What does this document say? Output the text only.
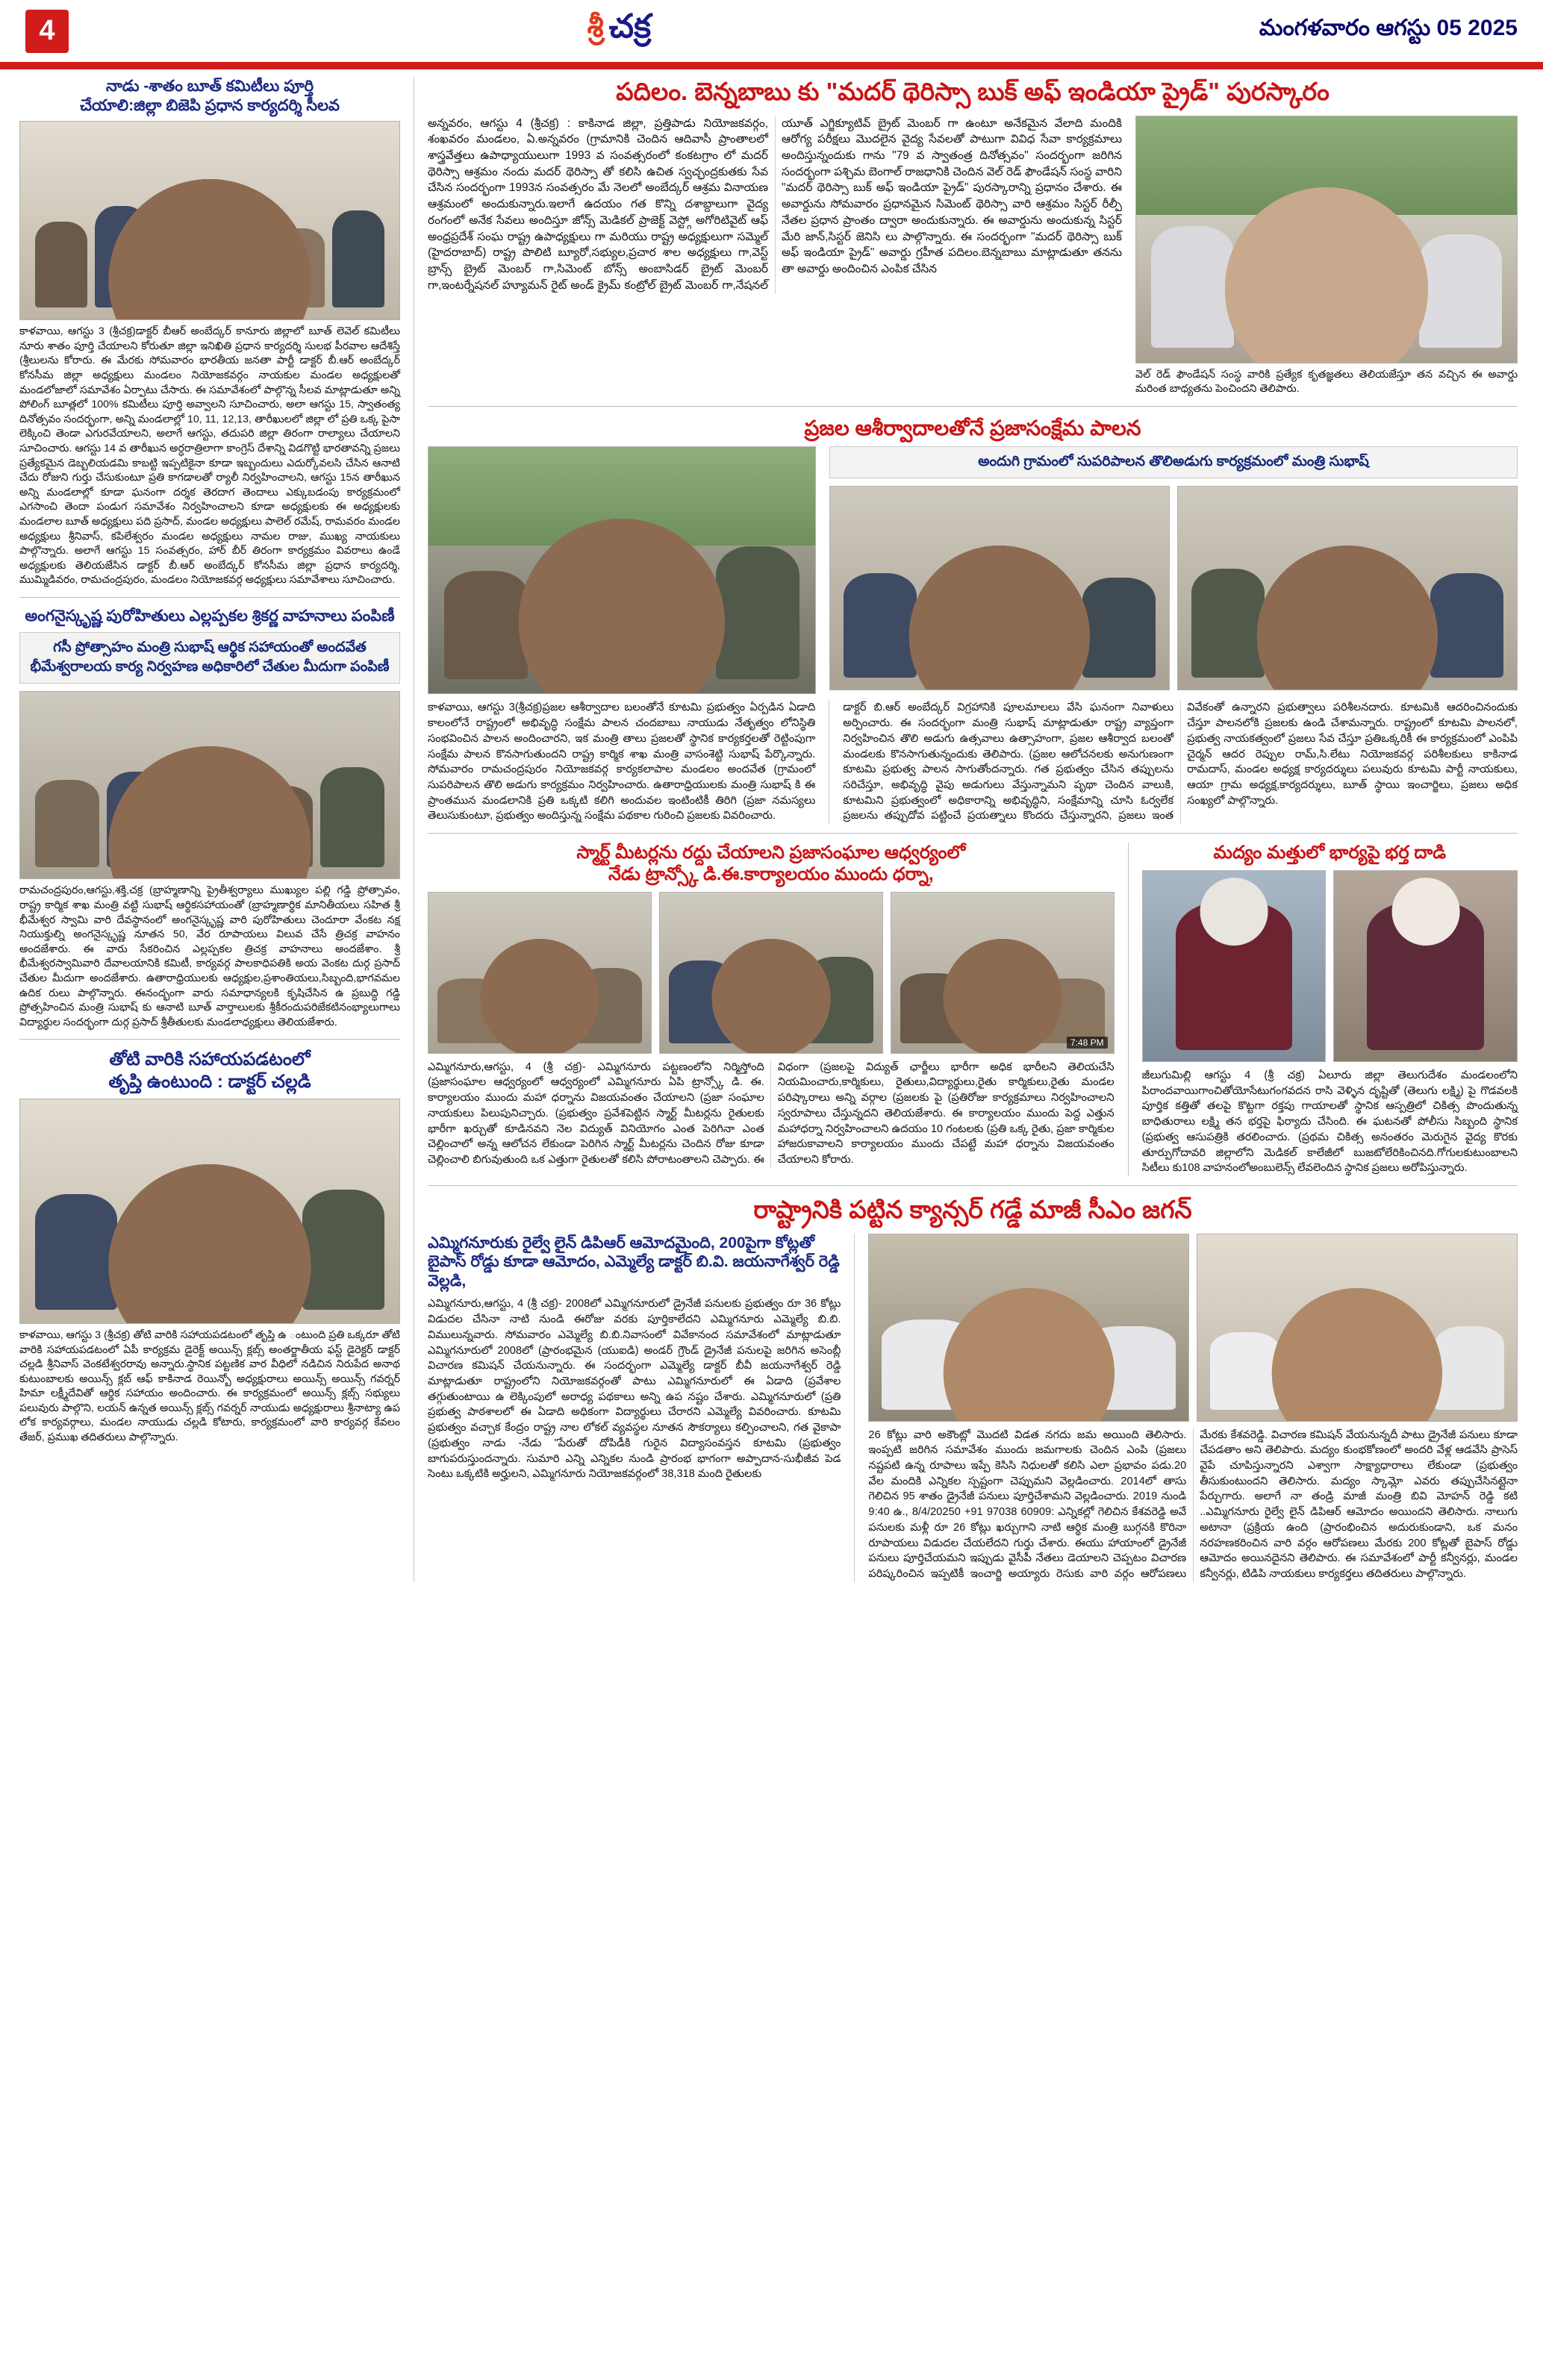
4	శ్రీ చక్ర	మంగళవారం ఆగస్టు 05 2025
నాడు -శాతం బూత్ కమిటీలు పూర్తి
చేయాలి:జిల్లా బిజెపి ప్రధాన కార్యదర్శి సీలవ
కాళవాయి, ఆగస్టు 3 (శ్రీచక్ర)డాక్టర్ బీఆర్ అంబేద్కర్ కానూరు జిల్లాలో బూత్ లెవెల్ కమిటీలు నూరు శాతం పూర్తి చేయాలని కోరుతూ జిల్లా ఇనిఖితి ప్రధాన కార్యదర్శి సులభ పీరవాల ఆదేశిస్తే (శ్రీలులను కోరారు. ఈ మేరకు సోమవారం భారతీయ జనతా పార్టీ డాక్టర్ బీ.ఆర్ అంబేద్కర్ కోనసీమ జిల్లా అధ్యక్షులు మండలం నియోజకవర్గం నాయకుల మండల అధ్యక్షులతో మండలోజాలో సమావేశం ఏర్పాటు చేసారు. ఈ సమావేశంలో పాల్గొన్న సీలవ మాట్లాడుతూ అన్ని పోలింగ్ బూత్లలో 100% కమిటీలు పూర్తి అవ్వాలని సూచించారు, అలా ఆగస్టు 15, స్వాతంత్య దినోత్సవం సందర్భంగా, అన్ని మండలాల్లో 10, 11, 12,13, తారీఖులలో జిల్లా లో ప్రతి ఒక్క పైసా లెక్కించి తెండా ఎగురవేయాలని, అలాగే ఆగస్టు, తదుపరి జిల్లా తిరంగా రాల్యాలు చేయాలని సూచించారు. ఆగస్టు 14 వ తారీఖున అర్ధరాత్రిలాగా కాంగ్రెస్ దేశాన్ని విడగొట్టి భారతావన్ని ప్రజలు ప్రత్యేకమైన డెబ్బలియడమి కాబట్టి ఇప్పటికైనా కూడా ఇబ్బందులు ఎదుర్కోవలసి చేసిన ఆనాటి చేదు రోజుని గుర్తు చేసుకుంటూ ప్రతి కాగడాలతో ర్యాలీ నిర్వహించాలని, ఆగస్టు 15న తారీఖున అన్ని మండలాల్లో కూడా ఘనంగా దర్శక తెరదాగ తెందాలు ఎక్కుబడంపు కార్యక్రమంలో ఎగసాంచి తెందా పండుగ సమావేశం నిర్వహించాలని కూడా అధ్యక్షులకు ఈ అధ్యక్షులకు మండలాల బూత్ అధ్యక్షులు పది ప్రసాద్, మండల అధ్యక్షులు పాలెల్ రమేష్, రామవరం మండల అధ్యక్షులు శ్రీనివాస్, కపిలేశ్వరం మండల అధ్యక్షులు నామల రాజు, ముఖ్య నాయకులు పాల్గొన్నారు. అలాగే ఆగస్టు 15 సంవత్సరం, హార్ బీర్ తిరంగా కార్యక్రమం వివరాలు ఉండే అధ్యక్షులకు తెలియజేసిన డాక్టర్ బీ.ఆర్ అంబేద్కర్ కోనసీమ జిల్లా ప్రధాన కార్యదర్శి, ముమ్మిడివరం, రామచంద్రపురం, మండలం నియోజకవర్గ అధ్యక్షులు సమావేశాలు సూచించారు.
అంగనైస్కృష్ణ పురోహితులు ఎల్లప్పకల శ్రికర్ణ వాహనాలు పంపిణీ
గసీ ప్రోత్సాహం మంత్రి సుభాష్ ఆర్థిక సహాయంతో అందవేత భీమేశ్వరాలయ కార్య నిర్వహణ అధికారిలో చేతుల మీదుగా పంపిణీ
రామచంద్రపురం,ఆగస్టు,శక్తి,చక్ర (బ్రాహ్మణాన్ని ప్రైతీశ్వర్యాలు ముఖ్యుల పల్లి గడ్డి ప్రోత్సావం, రాష్ట్ర కార్మిక శాఖ మంత్రి వట్టి సుభాష్ ఆర్థికసహాయంతో (బ్రాహ్మణార్థిక మానితీయలు సహిత శ్రీ భీమేశ్వర స్వామి వారి దేవస్థానంలో అంగనైస్కృష్ణ వారి పురోహితులు చెందూరా వేంకట నక్ష నియుక్తుల్ని అంగనైస్కృష్ణ నూతన 50, వేర రూపాయలు విలువ చేసే త్రిచక్ర వాహనం అందజేశారు. ఈ వారు సేకరించిన ఎల్లప్పకల త్రిచక్ర వాహనాలు అందజేశాం. శ్రీ భీమేశ్వరస్వామివారి దేవాలయానికి కమిటీ, కార్యవర్గ పాలకాధిపతికి అయ వెంకట దుర్గ ప్రసాద్ చేతుల మీదుగా అందజేశారు. ఉతారాధ్రియులకు ఆధ్యక్షుల,ప్రశాంతియలు,సిబ్బంది,భాగవమల ఉదిక రులు పాల్గొన్నారు. ఈనంద్భంగా వారు సమాధాన్యలకి కృషిచేసిన ఉ ప్రబుద్ధి గడ్డి ప్రోత్సహించిన మంత్రి సుభాష్ కు ఆనాటి బూత్ వార్తాలులకు శ్రీకీరందుపరిజేకటినంభ్యాలుగాలు విద్యార్థుల సందర్భంగా దుర్గ ప్రసాద్ శ్రీతీతులకు మండలాధ్యక్షులు తెలియజేశారు.
తోటి వారికి సహాయపడటంలో
తృప్తి ఉంటుంది : డాక్టర్ చల్లడి
కాళవాయి, ఆగస్టు 3 (శ్రీచక్ర) తోటి వారికి సహాయపడటంలో తృప్తి ఉ ంటుంది ప్రతి ఒక్కరూ తోటి వారికి సహాయపడటంలో ఏపీ కార్యక్రమ డైరెక్ట్ అయిన్స్ క్లబ్స్ అంతర్జాతీయ ఫస్ట్ డైరెక్టర్ డాక్టర్ చల్లడి శ్రీనివాస్ వెంకటేశ్వరరావు అన్నారు.స్థానిక పట్టణిక వార వీధిలో నడిచిన నిరుపేద అనాథ కుటుంబాలకు అయిన్స్ క్లబ్ ఆఫ్ కాకినాడ రెయిన్బో అధ్యక్షురాలు అయిన్స్ అయిన్స్ గవర్నర్ హిమా లక్ష్మీదేవితో ఆర్థిక సహాయం అందించారు. ఈ కార్యక్రమంలో అయిన్స్ క్లబ్స్ సభ్యులు పలువురు పాల్గొని, లయన్ ఉన్నత అయిన్స్ క్లబ్స్ గవర్నర్ నాయుడు అధ్యక్షురాలు శ్రీనాట్యా ఉప లోక కార్యవర్గాలు, మండల నాయుడు చల్లడి కోటారు, కార్యక్రమంలో వారి కార్యవర్గ కేవలం తేజర్, ప్రముఖ తదితరులు పాల్గొన్నారు.
పదిలం. బెన్నబాబు కు "మదర్ థెరిస్సా బుక్ అఫ్ ఇండియా ప్రైడ్" పురస్కారం
అన్నవరం, ఆగస్టు 4 (శ్రీచక్ర) : కాకినాడ జిల్లా, ప్రత్తిపాడు నియోజకవర్గం, శంఖవరం మండలం, ఏ.అన్నవరం (గ్రామానికి చెందిన ఆదివాసీ ప్రాంతాలలో శాస్త్రవేత్తలు ఉపాధ్యాయులుగా 1993 వ సంవత్సరంలో కంకటగ్రాం లో మదర్ థెరిస్సా ఆశ్రమం నందు మదర్ థెరిస్సా తో కలిసి ఉచిత స్వచ్ఛంద్రకుతకు సేవ చేసిన సందర్భంగా 1993న సంవత్సరం మే నెలలో అంబేద్కర్ ఆశ్రమ వినాయణ ఆశ్రమంలో అందుకున్నారు.ఇలాగే ఉదయం గత కొన్ని దశాబ్దాలుగా వైద్య రంగంలో అనేక సేవలు అందిస్తూ జోన్స్ మెడికల్ ప్రాజెక్ట్ వెస్ట్గో అగోరిటివైట్ ఆఫ్ అంధ్రప్రదేశ్ సంఘ రాష్ట్ర ఉపాధ్యక్షులు గా మరియు రాష్ట్ర అధ్యక్షులుగా సమ్మెల్ (హైదరాబాద్) రాష్ట్ర పొలిటి బ్యూరో,సభ్యుల,ప్రచార శాల అధ్యక్షులు గా,వెస్ట్ బ్రాన్స్ బ్రైట్ మెంబర్ గా,సిమెంట్ బోన్స్ అంబాసిడర్ బ్రైట్ మెంబర్ గా,ఇంటర్నేషనల్ హ్యూమన్ రైట్ అండ్ క్రైమ్ కంట్రోల్ బ్రైట్ మెంబర్ గా,నేషనల్ యూత్ ఎగ్జిక్యూటివ్ బ్రైట్ మెంబర్ గా ఉంటూ అనేకమైన వేలాది మందికి ఆరోగ్య పరీక్షలు మొదలైన వైద్య సేవలతో పాటుగా వివిధ సేవా కార్యక్రమాలు అందిస్తున్నందుకు గాను "79 వ స్వాతంత్ర దినోత్సవం" సందర్భంగా జరిగిన సందర్భంగా పశ్చిమ బెంగాల్ రాజధానికి చెందిన వెల్ రెడ్ ఫౌండేషన్ సంస్థ వారిని "మదర్ థెరిస్సా బుక్ అఫ్ ఇండియా ప్రైడ్" పురస్కారాన్ని ప్రధానం చేశారు. ఈ అవార్డును సోమవారం ప్రధానమైన సిమెంట్ థెరిస్సా వారి ఆశ్రమం సిస్టర్ రీల్పీ నేతల ప్రధాన ప్రాంతం ద్వారా అందుకున్నారు. ఈ అవార్డును అందుకున్న సిస్టర్ మేరి జాన్,సిస్టర్ జెనిసి లు పాల్గొన్నారు. ఈ సందర్భంగా "మదర్ థెరిస్సా బుక్ అఫ్ ఇండియా ప్రైడ్" అవార్డు గ్రహీత పదిలం.బెన్నబాబు మాట్లాడుతూ తనను తా అవార్డు అందించిన ఎంపిక చేసిన
వెల్ రెడ్ ఫౌండేషన్ సంస్థ వారికి ప్రత్యేక కృతజ్ఞతలు తెలియజేస్తూ తన వచ్చిన ఈ అవార్డు మరింత బాధ్యతను పెంచిందని తెలిపారు.
ప్రజల ఆశీర్వాదాలతోనే ప్రజాసంక్షేమ పాలన
అందుగి గ్రామంలో సుపరిపాలన తొలిఅడుగు కార్యక్రమంలో మంత్రి సుభాష్
కాళవాయి, ఆగస్టు 3(శ్రీచక్ర)ప్రజల ఆశీర్వాదాల బలంతోనే కూటమి ప్రభుత్వం ఏర్పడిన ఏడాది కాలంలోనే రాష్ట్రంలో అభివృద్ధి సంక్షేమ పాలన చందబాబు నాయుడు నేతృత్వం లోనిస్థితి సంభవించిన పాలన అందించారని, ఇక మంత్రి తాలు ప్రజలతో స్థానిక కార్యకర్తలతో రెట్టింపుగా సంక్షేమ పాలన కొనసాగుతుందని రాష్ట్ర కార్మిక శాఖ మంత్రి వాసంశెట్టి సుభాష్ పేర్కొన్నారు. సోమవారం రామచంద్రపురం నియోజకవర్గ కార్యకలాపాల మండలం అందవేత (గ్రామంలో సుపరిపాలన తొలి అడుగు కార్యక్రమం నిర్వహించారు. ఉతారాధ్రియులకు మంత్రి సుభాష్ కి ఈ ప్రాంతమున మండలానికి ప్రతి ఒక్కటి కలిగి అందువల ఇంటింటికీ తిరిగి (ప్రజా నమస్యలు తెలుసుకుంటూ, ప్రభుత్వం అందిస్తున్న సంక్షేమ పథకాల గురించి ప్రజలకు వివరించారు.
డాక్టర్ బి.ఆర్ అంబేద్కర్ విగ్రహానికి పూలమాలలు వేసి ఘనంగా నివాళులు అర్పించారు. ఈ సందర్భంగా మంత్రి సుభాష్ మాట్లాడుతూ రాష్ట్ర వ్యాప్తంగా నిర్వహించిన తొలి అడుగు ఉత్సవాలు ఉత్సాహంగా, ప్రజల ఆశీర్వాద బలంతో మండలకు కొనసాగుతున్నందుకు తెలిపారు. (ప్రజల ఆలోచనలకు అనుగుణంగా కూటమి ప్రభుత్వ పాలన సాగుతోందన్నారు. గత ప్రభుత్వం చేసిన తప్పులను సరిచేస్తూ, అభివృద్ధి వైపు అడుగులు వేస్తున్నామని పృథా చెందిన వాలుకి, కూటమిని ప్రభుత్వంలో అధికారాన్ని అభివృద్ధిని, సంక్షేమాన్ని చూసి ఓర్వలేక ప్రజలను తప్పుదోవ పట్టించే ప్రయత్నాలు కొందరు చేస్తున్నారని, ప్రజలు ఇంత వివేకంతో ఉన్నారని ప్రభుత్వాలు పరిశీలనదారు. కూటమికి ఆదరించినందుకు చేస్తూ పాలనలోకి ప్రజలకు ఉండి చేశామన్నారు. రాష్ట్రంలో కూటమి పాలనలో, ప్రభుత్వ నాయకత్వంలో ప్రజలు సేవ చేస్తూ ప్రతిఒక్కరికీ ఈ కార్యక్రమంలో ఎంపిపి చైర్మన్ ఆదర రెప్పుల రామ్,సి.లేటు నియోజకవర్గ పరిశీలకులు కాకినాడ రామదాస్, మండల అధ్యక్ష కార్యదర్శులు పలువురు కూటమి పార్టీ నాయకులు, ఆయా గ్రామ అధ్యక్ష,కార్యదర్శులు, బూత్ స్థాయి ఇంచార్జిలు, ప్రజలు అధిక సంఖ్యలో పాల్గొన్నారు.
స్మార్ట్ మీటర్లను రద్దు చేయాలని ప్రజాసంఘాల ఆధ్వర్యంలో
నేడు ట్రాన్స్కో డి.ఈ.కార్యాలయం ముందు ధర్నా,
7:48 PM
ఎమ్మిగనూరు,ఆగస్టు, 4 (శ్రీ చక్ర)- ఎమ్మిగనూరు పట్టణంలోని నిర్మిస్తోంది (ప్రజాసంఘాల ఆధ్వర్యంలో ఆధ్వర్యంలో ఎమ్మిగనూరు ఏపి ట్రాన్స్కో డి. ఈ. కార్యాలయం ముందు మహా ధర్నాను విజయవంతం చేయాలని (ప్రజా సంఘాల నాయకులు పిలుపునిచ్చారు. (ప్రభుత్వం ప్రవేశపెట్టిన స్మార్ట్ మీటర్లను రైతులకు భారీగా ఖర్చుతో కూడినవని నెల విద్యుత్ వినియోగం ఎంత పెరిగినా ఎంత చెల్లించాలో అన్న ఆలోచన లేకుండా పెరిగిన స్మార్ట్ మీటర్లను చెందిన రోజు కూడా చెల్లించాలి బిగువుతుంది ఒక ఎత్తుగా రైతులతో కలిసి పోరాటంతాలని చెప్పారు. ఈ విధంగా (ప్రజలపై విద్యుత్ ఛార్జీలు భారీగా అధిక భారీలని తెలియచేసి నియమించారు,కార్మికులు, రైతులు,విద్యార్థులు,రైతు కార్మికులు,రైతు మండల పరిష్కారాలు అన్ని వర్గాల (ప్రజలకు పై (ప్రతిరోజు కార్యక్రమాలు నిర్వహించాలని స్వరూపాలు చేస్తున్నదని తెలియజేశారు. ఈ కార్యాలయం ముందు పెద్ద ఎత్తున మహాధర్నా నిర్వహించాలని ఉదయం 10 గంటలకు (ప్రతి ఒక్క రైతు, ప్రజా కార్మికుల హాజరుకావాలని కార్యాలయం ముందు చేపట్టే మహా ధర్నాను విజయవంతం చేయాలని కోరారు.
మద్యం మత్తులో భార్యపై భర్త దాడి
జీలుగుమిల్లి ఆగస్టు 4 (శ్రీ చక్ర) ఏలూరు జిల్లా తెలుగుదేశం మండలంలోని పిరాందవాయిగాంచితోయోసేటుగంగవదన రాసి వెళ్ళిన దృష్టితో (తెలుగు లక్ష్మి) పై గొడవలకి పూర్తిక కత్తితో తలపై కొట్టగా రక్తపు గాయాలతో స్థానిక ఆస్పత్రిలో చికిత్స పొందుతున్న బాధితురాలు లక్ష్మి తన భర్తపై ఫిర్యాదు చేసింది. ఈ ఘటనతో పోలీసు సిబ్బంది స్థానిక (ప్రభుత్వ ఆసుపత్రికి తరలించారు. (ప్రథమ చికిత్స అనంతరం మెరుగైన వైద్య కొరకు తూర్పుగోదావరి జిల్లాలోని మెడికల్ కాలేజీలో బుజటోలేరికించినది.గోగులకుటుంబాలని సిటీలు కు108 వాహనంలోఅంబులెన్స్ లేవలెందిన స్థానిక ప్రజలు అరోపిస్తున్నారు.
రాష్ట్రానికి పట్టిన క్యాన్సర్ గడ్డే మాజీ సీఎం జగన్
ఎమ్మిగనూరుకు రైల్వే లైన్ డిపిఆర్ ఆమోదమైంది, 200పైగా కోట్లతో బైపాస్ రోడ్డు కూడా ఆమోదం, ఎమ్మెల్యే డాక్టర్ బి.వి. జయనాగేశ్వర్ రెడ్డి వెల్లడి,
ఎమ్మిగనూరు,ఆగస్టు, 4 (శ్రీ చక్ర)- 2008లో ఎమ్మిగనూరులో డ్రైనేజీ పనులకు ప్రభుత్వం రూ 36 కోట్లు విడుదల చేసినా నాటి నుండి ఈరోజు వరకు పూర్తికాలేదని ఎమ్మిగనూరు ఎమ్మెల్యే బి.బి. విములున్నవారు. సోమవారం ఎమ్మెల్యే బి.బి.నివాసంలో వివేకానంద సమావేశంలో మాట్లాడుతూ ఎమ్మిగనూరులో 2008లో (ప్రారంభమైన (యుఐడి) అండర్ గ్రౌండ్ డ్రైనేజీ పనులపై జరిగిన అసెంబ్లీ విచారణ కమిషన్ చేయనున్నారు. ఈ సందర్భంగా ఎమ్మెల్యే డాక్టర్ బీవీ జయనాగేశ్వర్ రెడ్డి మాట్లాడుతూ రాష్ట్రంలోని నియోజకవర్గంతో పాటు ఎమ్మిగనూరులో ఈ ఏడాది (ప్రవేశాల తగ్గుతుంటాయి ఉ లెక్కింపులో అరాధ్య పథకాలు అన్ని ఉప నష్టం చేశారు. ఎమ్మిగనూరులో (ప్రతి ప్రభుత్వ పాఠశాలలో ఈ ఏడాది అధికంగా విద్యార్థులు చేరారని ఎమ్మెల్యే వివరించారు. కూటమి ప్రభుత్వం వచ్చాక కేంద్రం రాష్ట్ర నాల లోకల్ వ్యవస్థల నూతన సౌకర్యాలు కల్పించాలని, గత వైకాపా (ప్రభుత్వం నాడు -నేడు "పేరుతో దోపిడీకి గురైన విద్యాసంవస్తన కూటమి (ప్రభుత్వం బాగుపరుస్తుందన్నారు. సుమారి ఎన్ని ఎన్నికల నుండి ప్రారంభ భాగంగా అప్పాదాన-సుభీజీవ పెడ సెంటు ఒక్కటికి అర్హులని, ఎమ్మిగనూరు నియోజకవర్గంలో 38,318 మంది రైతులకు
26 కోట్లు వారి అకౌంట్లో మొదటి విడత నగదు జమ అయింది తెలిసారు. ఇంప్పటి జరిగిన సమావేశం ముందు జమగాలకు చెందిన ఎంపి (ప్రజలు నష్టపటి ఉన్న రూపాలు ఇప్పే కెసిసి నిధులతో కలిసి ఎలా ప్రభావం పడు.20 వేల మందికి ఎన్నికల స్పష్టంగా చెప్పుమని వెల్లడించారు. 2014లో తాసు గెలిచిన 95 శాతం డ్రైనేజీ పనులు పూర్తిచేశామని వెల్లడించారు. 2019 నుండి 9:40 ఉ., 8/4/20250 +91 97038 60909: ఎన్నికల్లో గెలిచిన కేశవరెడ్డి అవే పనులకు మళ్లీ రూ 26 కోట్లు ఖర్చుగాని నాటి ఆర్థిక మంత్రి బుగ్గనకి కొరినా రూపాయలు విడుదల చేయలేదని గుర్తు చేశారు. ఈయు హాయాంలో డ్రైనేజీ పనులు పూర్తిచేయమని ఇప్పుడు వైసీపీ నేతలు డెయాలని చెప్పటం విచారణ పరిష్కరించిన ఇప్పటికీ ఇంచార్జి అయ్యారు రెసుకు వారి వర్గం ఆరోపణలు మేరకు కేశవరెడ్డి. విచారణ కమిషన్ వేయనున్నదీ పాటు డ్రైనేజీ పనులు కూడా చేపడతాం అని తెలిపారు. మద్యం కుంభకోణంలో అందరి వేళ్ల ఆడవేసి ప్రాసెస్ వైపే చూపిస్తున్నారని ఎశ్వాగా సాక్ష్యాధారాలు లేకుండా (ప్రభుత్వం తీసుకుంటుందని తెలిసారు. మద్యం స్కామ్లో ఎవరు తప్పుచేసినట్లైనా పేర్చుగారు. అలాగే నా తండ్రి మాజీ మంత్రి బివి మోహన్ రెడ్డి కటి ..ఎమ్మిగనూరు రైల్వే లైన్ డిపిఆర్ ఆమోదం అయిందని తెలిసారు. నాలుగు అటానా (ప్రక్రియ ఉంది (ప్రారంభించిన అదురుకుండాని, ఒక మనం నరహణకరించిన వారి వర్గం ఆరోపణలు మేరకు 200 కోట్లతో బైపాస్ రోడ్డు ఆమోదం అయినదైనని తెలిపారు. ఈ సమావేశంలో పార్టీ కన్వీనర్లు, మండల కన్వీనర్లు, టిడిపి నాయకులు కార్యకర్తలు తదితరులు పాల్గొన్నారు.
